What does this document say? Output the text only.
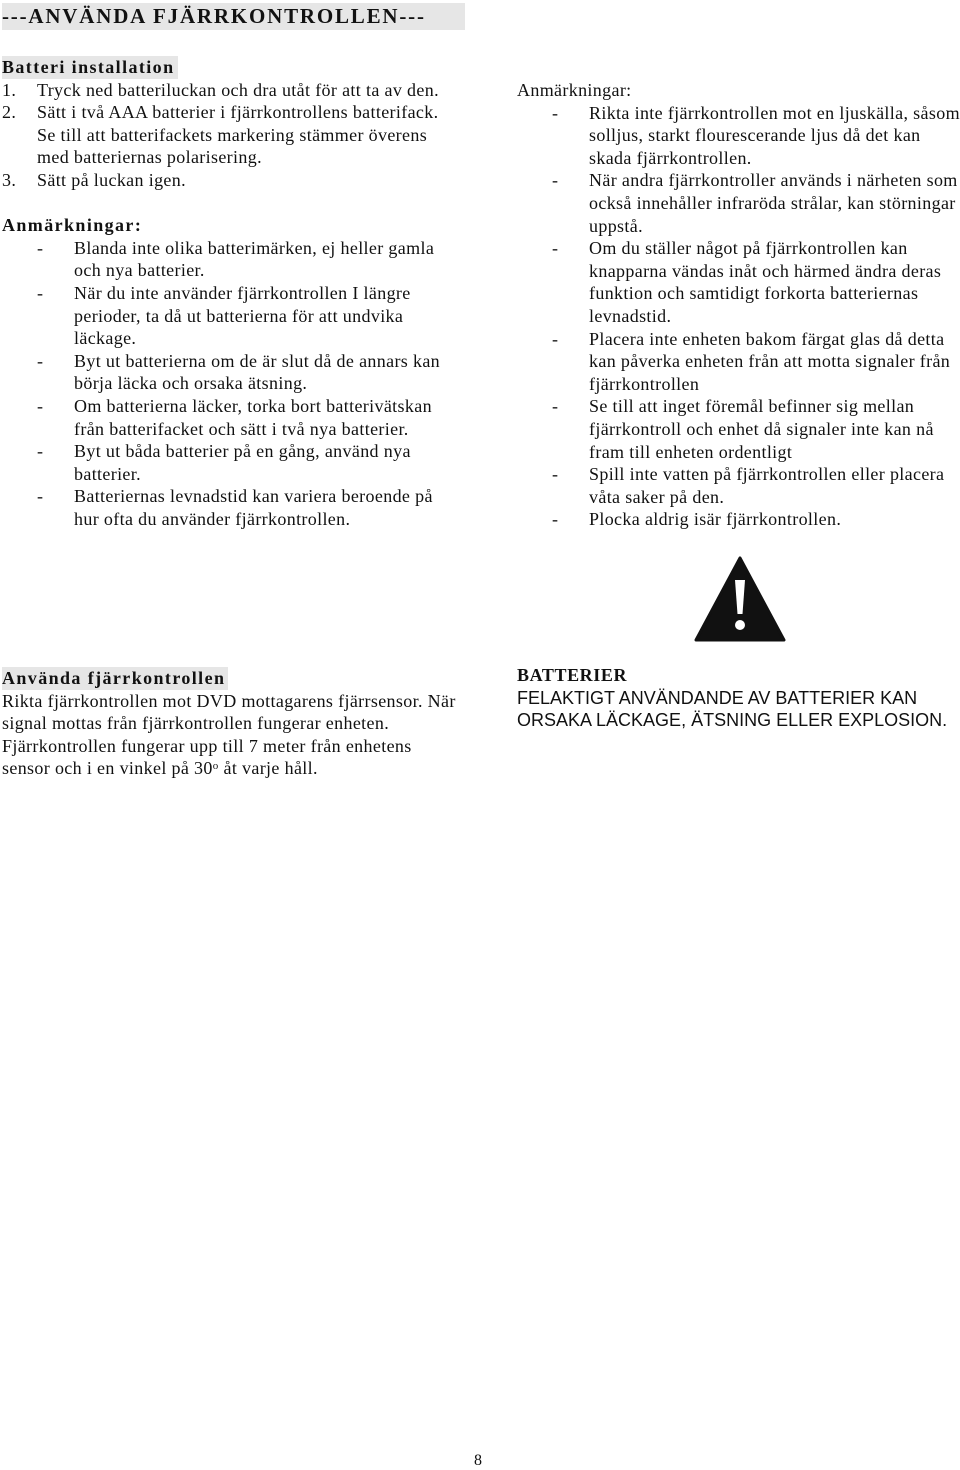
---ANVÄNDA FJÄRRKONTROLLEN---
Batteri installation
1. Tryck ned batteriluckan och dra utåt för att ta av den.
2. Sätt i två AAA batterier i fjärrkontrollens batterifack. Se till att batterifackets markering stämmer överens med batteriernas polarisering.
3. Sätt på luckan igen.
Anmärkningar:
- Blanda inte olika batterimärken, ej heller gamla och nya batterier.
- När du inte använder fjärrkontrollen I längre perioder, ta då ut batterierna för att undvika läckage.
- Byt ut batterierna om de är slut då de annars kan börja läcka och orsaka ätsning.
- Om batterierna läcker, torka bort batterivätskan från batterifacket och sätt i två nya batterier.
- Byt ut båda batterier på en gång, använd nya batterier.
- Batteriernas levnadstid kan variera beroende på hur ofta du använder fjärrkontrollen.
Använda fjärrkontrollen

Rikta fjärrkontrollen mot DVD mottagarens fjärrsensor. När signal mottas från fjärrkontrollen fungerar enheten. Fjärrkontrollen fungerar upp till 7 meter från enhetens sensor och i en vinkel på 30$^o$ åt varje håll.

Anmärkningar:
- Rikta inte fjärrkontrollen mot en ljuskälla, såsom solljus, starkt flourescerande ljus då det kan skada fjärrkontrollen.
- När andra fjärrkontroller används i närheten som också innehåller infraröda strålar, kan störningar uppstå.
- Om du ställer något på fjärrkontrollen kan knapparna vändas inåt och härmed ändra deras funktion och samtidigt forkorta batteriernas levnadstid.
- Placera inte enheten bakom färgat glas då detta kan påverka enheten från att motta signaler från fjärrkontrollen
- Se till att inget föremål befinner sig mellan fjärrkontroll och enhet då signaler inte kan nå fram till enheten ordentligt
- Spill inte vatten på fjärrkontrollen eller placera våta saker på den.
- Plocka aldrig isär fjärrkontrollen.
BATTERIER
FELAKTIGT ANVÄNDANDE AV BATTERIER KAN ORSAKA LÄCKAGE, ÄTSNING ELLER EXPLOSION.
8
